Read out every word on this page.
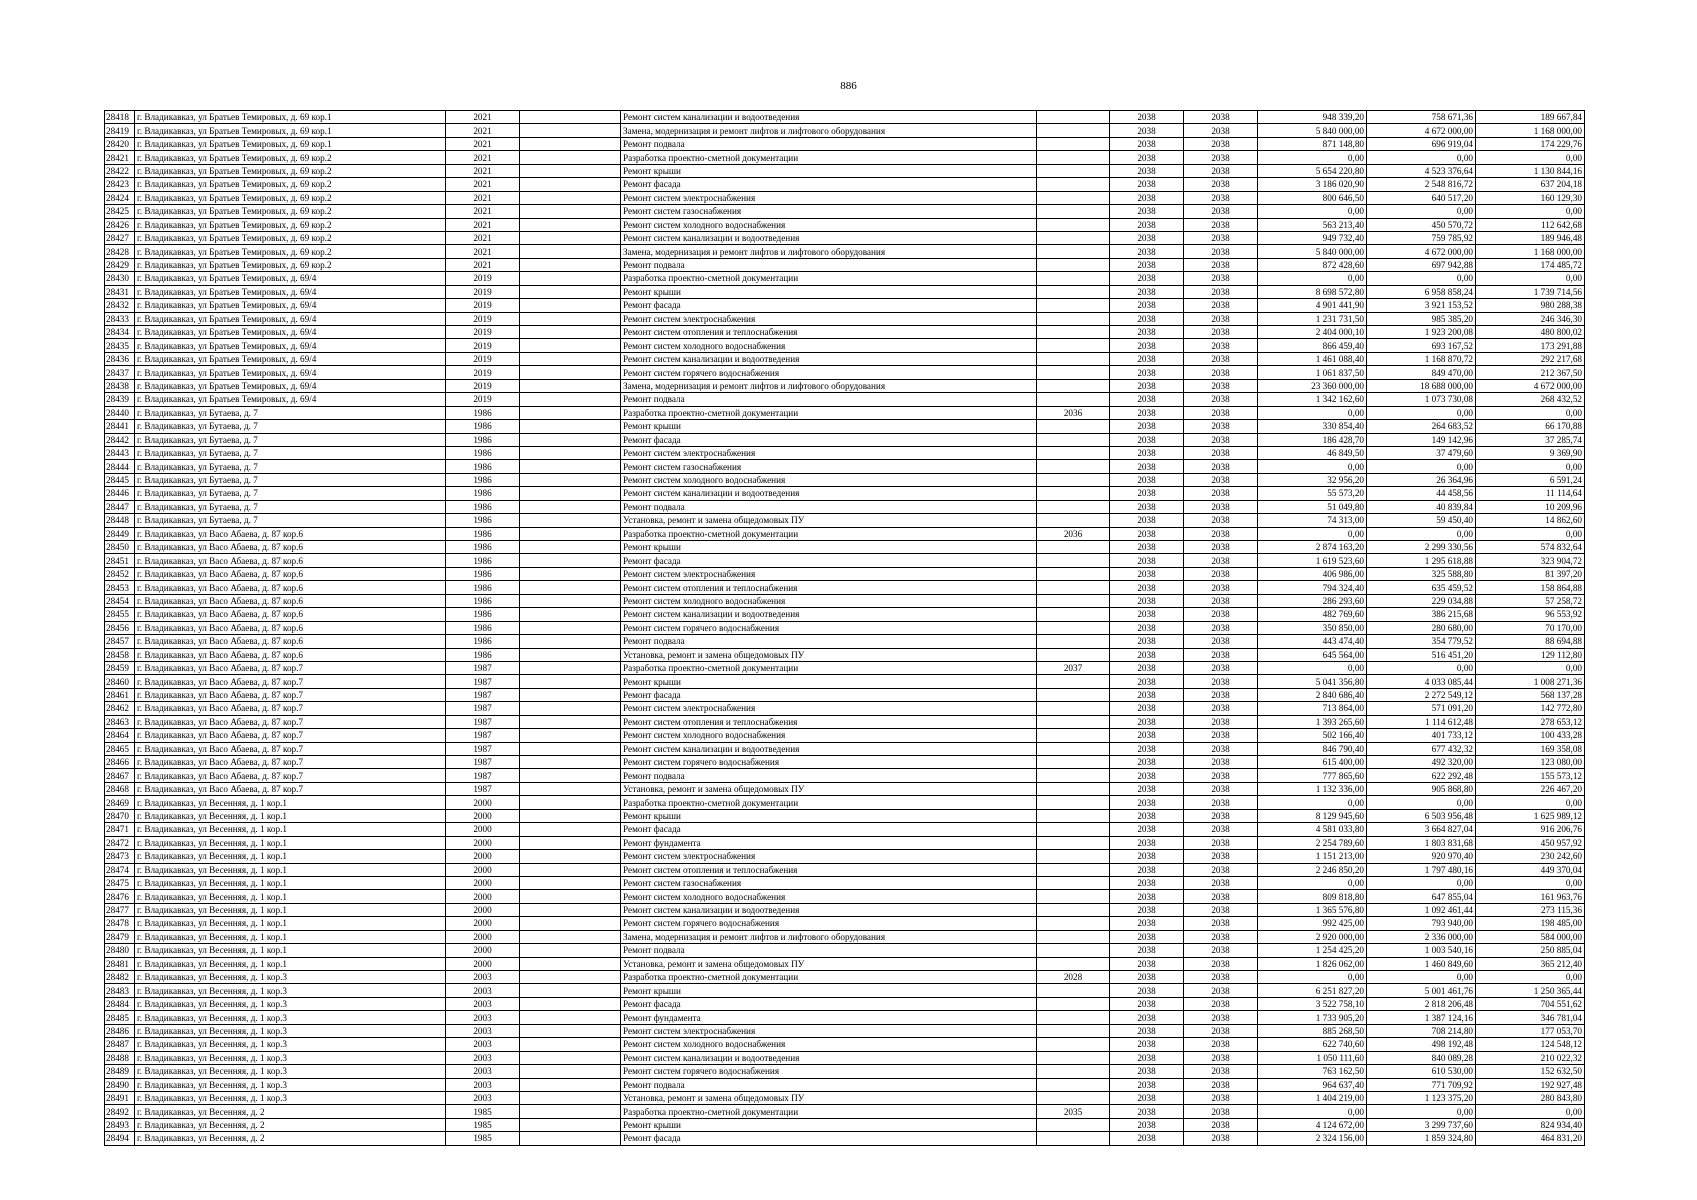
886
28418	г. Владикавказ, ул Братьев Темировых, д. 69 кор.1	2021		Ремонт систем канализации и водоотведения		2038	2038	948 339,20	758 671,36	189 667,84
28419	г. Владикавказ, ул Братьев Темировых, д. 69 кор.1	2021		Замена, модернизация и ремонт лифтов и лифтового оборудования		2038	2038	5 840 000,00	4 672 000,00	1 168 000,00
28420	г. Владикавказ, ул Братьев Темировых, д. 69 кор.1	2021		Ремонт подвала		2038	2038	871 148,80	696 919,04	174 229,76
28421	г. Владикавказ, ул Братьев Темировых, д. 69 кор.2	2021		Разработка проектно-сметной документации		2038	2038	0,00	0,00	0,00
28422	г. Владикавказ, ул Братьев Темировых, д. 69 кор.2	2021		Ремонт крыши		2038	2038	5 654 220,80	4 523 376,64	1 130 844,16
28423	г. Владикавказ, ул Братьев Темировых, д. 69 кор.2	2021		Ремонт фасада		2038	2038	3 186 020,90	2 548 816,72	637 204,18
28424	г. Владикавказ, ул Братьев Темировых, д. 69 кор.2	2021		Ремонт систем электроснабжения		2038	2038	800 646,50	640 517,20	160 129,30
28425	г. Владикавказ, ул Братьев Темировых, д. 69 кор.2	2021		Ремонт систем газоснабжения		2038	2038	0,00	0,00	0,00
28426	г. Владикавказ, ул Братьев Темировых, д. 69 кор.2	2021		Ремонт систем холодного водоснабжения		2038	2038	563 213,40	450 570,72	112 642,68
28427	г. Владикавказ, ул Братьев Темировых, д. 69 кор.2	2021		Ремонт систем канализации и водоотведения		2038	2038	949 732,40	759 785,92	189 946,48
28428	г. Владикавказ, ул Братьев Темировых, д. 69 кор.2	2021		Замена, модернизация и ремонт лифтов и лифтового оборудования		2038	2038	5 840 000,00	4 672 000,00	1 168 000,00
28429	г. Владикавказ, ул Братьев Темировых, д. 69 кор.2	2021		Ремонт подвала		2038	2038	872 428,60	697 942,88	174 485,72
28430	г. Владикавказ, ул Братьев Темировых, д. 69/4	2019		Разработка проектно-сметной документации		2038	2038	0,00	0,00	0,00
28431	г. Владикавказ, ул Братьев Темировых, д. 69/4	2019		Ремонт крыши		2038	2038	8 698 572,80	6 958 858,24	1 739 714,56
28432	г. Владикавказ, ул Братьев Темировых, д. 69/4	2019		Ремонт фасада		2038	2038	4 901 441,90	3 921 153,52	980 288,38
28433	г. Владикавказ, ул Братьев Темировых, д. 69/4	2019		Ремонт систем электроснабжения		2038	2038	1 231 731,50	985 385,20	246 346,30
28434	г. Владикавказ, ул Братьев Темировых, д. 69/4	2019		Ремонт систем отопления и теплоснабжения		2038	2038	2 404 000,10	1 923 200,08	480 800,02
28435	г. Владикавказ, ул Братьев Темировых, д. 69/4	2019		Ремонт систем холодного водоснабжения		2038	2038	866 459,40	693 167,52	173 291,88
28436	г. Владикавказ, ул Братьев Темировых, д. 69/4	2019		Ремонт систем канализации и водоотведения		2038	2038	1 461 088,40	1 168 870,72	292 217,68
28437	г. Владикавказ, ул Братьев Темировых, д. 69/4	2019		Ремонт систем горячего водоснабжения		2038	2038	1 061 837,50	849 470,00	212 367,50
28438	г. Владикавказ, ул Братьев Темировых, д. 69/4	2019		Замена, модернизация и ремонт лифтов и лифтового оборудования		2038	2038	23 360 000,00	18 688 000,00	4 672 000,00
28439	г. Владикавказ, ул Братьев Темировых, д. 69/4	2019		Ремонт подвала		2038	2038	1 342 162,60	1 073 730,08	268 432,52
28440	г. Владикавказ, ул Бутаева, д. 7	1986		Разработка проектно-сметной документации	2036	2038	2038	0,00	0,00	0,00
28441	г. Владикавказ, ул Бутаева, д. 7	1986		Ремонт крыши		2038	2038	330 854,40	264 683,52	66 170,88
28442	г. Владикавказ, ул Бутаева, д. 7	1986		Ремонт фасада		2038	2038	186 428,70	149 142,96	37 285,74
28443	г. Владикавказ, ул Бутаева, д. 7	1986		Ремонт систем электроснабжения		2038	2038	46 849,50	37 479,60	9 369,90
28444	г. Владикавказ, ул Бутаева, д. 7	1986		Ремонт систем газоснабжения		2038	2038	0,00	0,00	0,00
28445	г. Владикавказ, ул Бутаева, д. 7	1986		Ремонт систем холодного водоснабжения		2038	2038	32 956,20	26 364,96	6 591,24
28446	г. Владикавказ, ул Бутаева, д. 7	1986		Ремонт систем канализации и водоотведения		2038	2038	55 573,20	44 458,56	11 114,64
28447	г. Владикавказ, ул Бутаева, д. 7	1986		Ремонт подвала		2038	2038	51 049,80	40 839,84	10 209,96
28448	г. Владикавказ, ул Бутаева, д. 7	1986		Установка, ремонт и замена общедомовых ПУ		2038	2038	74 313,00	59 450,40	14 862,60
28449	г. Владикавказ, ул Васо Абаева, д. 87 кор.6	1986		Разработка проектно-сметной документации	2036	2038	2038	0,00	0,00	0,00
28450	г. Владикавказ, ул Васо Абаева, д. 87 кор.6	1986		Ремонт крыши		2038	2038	2 874 163,20	2 299 330,56	574 832,64
28451	г. Владикавказ, ул Васо Абаева, д. 87 кор.6	1986		Ремонт фасада		2038	2038	1 619 523,60	1 295 618,88	323 904,72
28452	г. Владикавказ, ул Васо Абаева, д. 87 кор.6	1986		Ремонт систем электроснабжения		2038	2038	406 986,00	325 588,80	81 397,20
28453	г. Владикавказ, ул Васо Абаева, д. 87 кор.6	1986		Ремонт систем отопления и теплоснабжения		2038	2038	794 324,40	635 459,52	158 864,88
28454	г. Владикавказ, ул Васо Абаева, д. 87 кор.6	1986		Ремонт систем холодного водоснабжения		2038	2038	286 293,60	229 034,88	57 258,72
28455	г. Владикавказ, ул Васо Абаева, д. 87 кор.6	1986		Ремонт систем канализации и водоотведения		2038	2038	482 769,60	386 215,68	96 553,92
28456	г. Владикавказ, ул Васо Абаева, д. 87 кор.6	1986		Ремонт систем горячего водоснабжения		2038	2038	350 850,00	280 680,00	70 170,00
28457	г. Владикавказ, ул Васо Абаева, д. 87 кор.6	1986		Ремонт подвала		2038	2038	443 474,40	354 779,52	88 694,88
28458	г. Владикавказ, ул Васо Абаева, д. 87 кор.6	1986		Установка, ремонт и замена общедомовых ПУ		2038	2038	645 564,00	516 451,20	129 112,80
28459	г. Владикавказ, ул Васо Абаева, д. 87 кор.7	1987		Разработка проектно-сметной документации	2037	2038	2038	0,00	0,00	0,00
28460	г. Владикавказ, ул Васо Абаева, д. 87 кор.7	1987		Ремонт крыши		2038	2038	5 041 356,80	4 033 085,44	1 008 271,36
28461	г. Владикавказ, ул Васо Абаева, д. 87 кор.7	1987		Ремонт фасада		2038	2038	2 840 686,40	2 272 549,12	568 137,28
28462	г. Владикавказ, ул Васо Абаева, д. 87 кор.7	1987		Ремонт систем электроснабжения		2038	2038	713 864,00	571 091,20	142 772,80
28463	г. Владикавказ, ул Васо Абаева, д. 87 кор.7	1987		Ремонт систем отопления и теплоснабжения		2038	2038	1 393 265,60	1 114 612,48	278 653,12
28464	г. Владикавказ, ул Васо Абаева, д. 87 кор.7	1987		Ремонт систем холодного водоснабжения		2038	2038	502 166,40	401 733,12	100 433,28
28465	г. Владикавказ, ул Васо Абаева, д. 87 кор.7	1987		Ремонт систем канализации и водоотведения		2038	2038	846 790,40	677 432,32	169 358,08
28466	г. Владикавказ, ул Васо Абаева, д. 87 кор.7	1987		Ремонт систем горячего водоснабжения		2038	2038	615 400,00	492 320,00	123 080,00
28467	г. Владикавказ, ул Васо Абаева, д. 87 кор.7	1987		Ремонт подвала		2038	2038	777 865,60	622 292,48	155 573,12
28468	г. Владикавказ, ул Васо Абаева, д. 87 кор.7	1987		Установка, ремонт и замена общедомовых ПУ		2038	2038	1 132 336,00	905 868,80	226 467,20
28469	г. Владикавказ, ул Весенняя, д. 1 кор.1	2000		Разработка проектно-сметной документации		2038	2038	0,00	0,00	0,00
28470	г. Владикавказ, ул Весенняя, д. 1 кор.1	2000		Ремонт крыши		2038	2038	8 129 945,60	6 503 956,48	1 625 989,12
28471	г. Владикавказ, ул Весенняя, д. 1 кор.1	2000		Ремонт фасада		2038	2038	4 581 033,80	3 664 827,04	916 206,76
28472	г. Владикавказ, ул Весенняя, д. 1 кор.1	2000		Ремонт фундамента		2038	2038	2 254 789,60	1 803 831,68	450 957,92
28473	г. Владикавказ, ул Весенняя, д. 1 кор.1	2000		Ремонт систем электроснабжения		2038	2038	1 151 213,00	920 970,40	230 242,60
28474	г. Владикавказ, ул Весенняя, д. 1 кор.1	2000		Ремонт систем отопления и теплоснабжения		2038	2038	2 246 850,20	1 797 480,16	449 370,04
28475	г. Владикавказ, ул Весенняя, д. 1 кор.1	2000		Ремонт систем газоснабжения		2038	2038	0,00	0,00	0,00
28476	г. Владикавказ, ул Весенняя, д. 1 кор.1	2000		Ремонт систем холодного водоснабжения		2038	2038	809 818,80	647 855,04	161 963,76
28477	г. Владикавказ, ул Весенняя, д. 1 кор.1	2000		Ремонт систем канализации и водоотведения		2038	2038	1 365 576,80	1 092 461,44	273 115,36
28478	г. Владикавказ, ул Весенняя, д. 1 кор.1	2000		Ремонт систем горячего водоснабжения		2038	2038	992 425,00	793 940,00	198 485,00
28479	г. Владикавказ, ул Весенняя, д. 1 кор.1	2000		Замена, модернизация и ремонт лифтов и лифтового оборудования		2038	2038	2 920 000,00	2 336 000,00	584 000,00
28480	г. Владикавказ, ул Весенняя, д. 1 кор.1	2000		Ремонт подвала		2038	2038	1 254 425,20	1 003 540,16	250 885,04
28481	г. Владикавказ, ул Весенняя, д. 1 кор.1	2000		Установка, ремонт и замена общедомовых ПУ		2038	2038	1 826 062,00	1 460 849,60	365 212,40
28482	г. Владикавказ, ул Весенняя, д. 1 кор.3	2003		Разработка проектно-сметной документации	2028	2038	2038	0,00	0,00	0,00
28483	г. Владикавказ, ул Весенняя, д. 1 кор.3	2003		Ремонт крыши		2038	2038	6 251 827,20	5 001 461,76	1 250 365,44
28484	г. Владикавказ, ул Весенняя, д. 1 кор.3	2003		Ремонт фасада		2038	2038	3 522 758,10	2 818 206,48	704 551,62
28485	г. Владикавказ, ул Весенняя, д. 1 кор.3	2003		Ремонт фундамента		2038	2038	1 733 905,20	1 387 124,16	346 781,04
28486	г. Владикавказ, ул Весенняя, д. 1 кор.3	2003		Ремонт систем электроснабжения		2038	2038	885 268,50	708 214,80	177 053,70
28487	г. Владикавказ, ул Весенняя, д. 1 кор.3	2003		Ремонт систем холодного водоснабжения		2038	2038	622 740,60	498 192,48	124 548,12
28488	г. Владикавказ, ул Весенняя, д. 1 кор.3	2003		Ремонт систем канализации и водоотведения		2038	2038	1 050 111,60	840 089,28	210 022,32
28489	г. Владикавказ, ул Весенняя, д. 1 кор.3	2003		Ремонт систем горячего водоснабжения		2038	2038	763 162,50	610 530,00	152 632,50
28490	г. Владикавказ, ул Весенняя, д. 1 кор.3	2003		Ремонт подвала		2038	2038	964 637,40	771 709,92	192 927,48
28491	г. Владикавказ, ул Весенняя, д. 1 кор.3	2003		Установка, ремонт и замена общедомовых ПУ		2038	2038	1 404 219,00	1 123 375,20	280 843,80
28492	г. Владикавказ, ул Весенняя, д. 2	1985		Разработка проектно-сметной документации	2035	2038	2038	0,00	0,00	0,00
28493	г. Владикавказ, ул Весенняя, д. 2	1985		Ремонт крыши		2038	2038	4 124 672,00	3 299 737,60	824 934,40
28494	г. Владикавказ, ул Весенняя, д. 2	1985		Ремонт фасада		2038	2038	2 324 156,00	1 859 324,80	464 831,20
